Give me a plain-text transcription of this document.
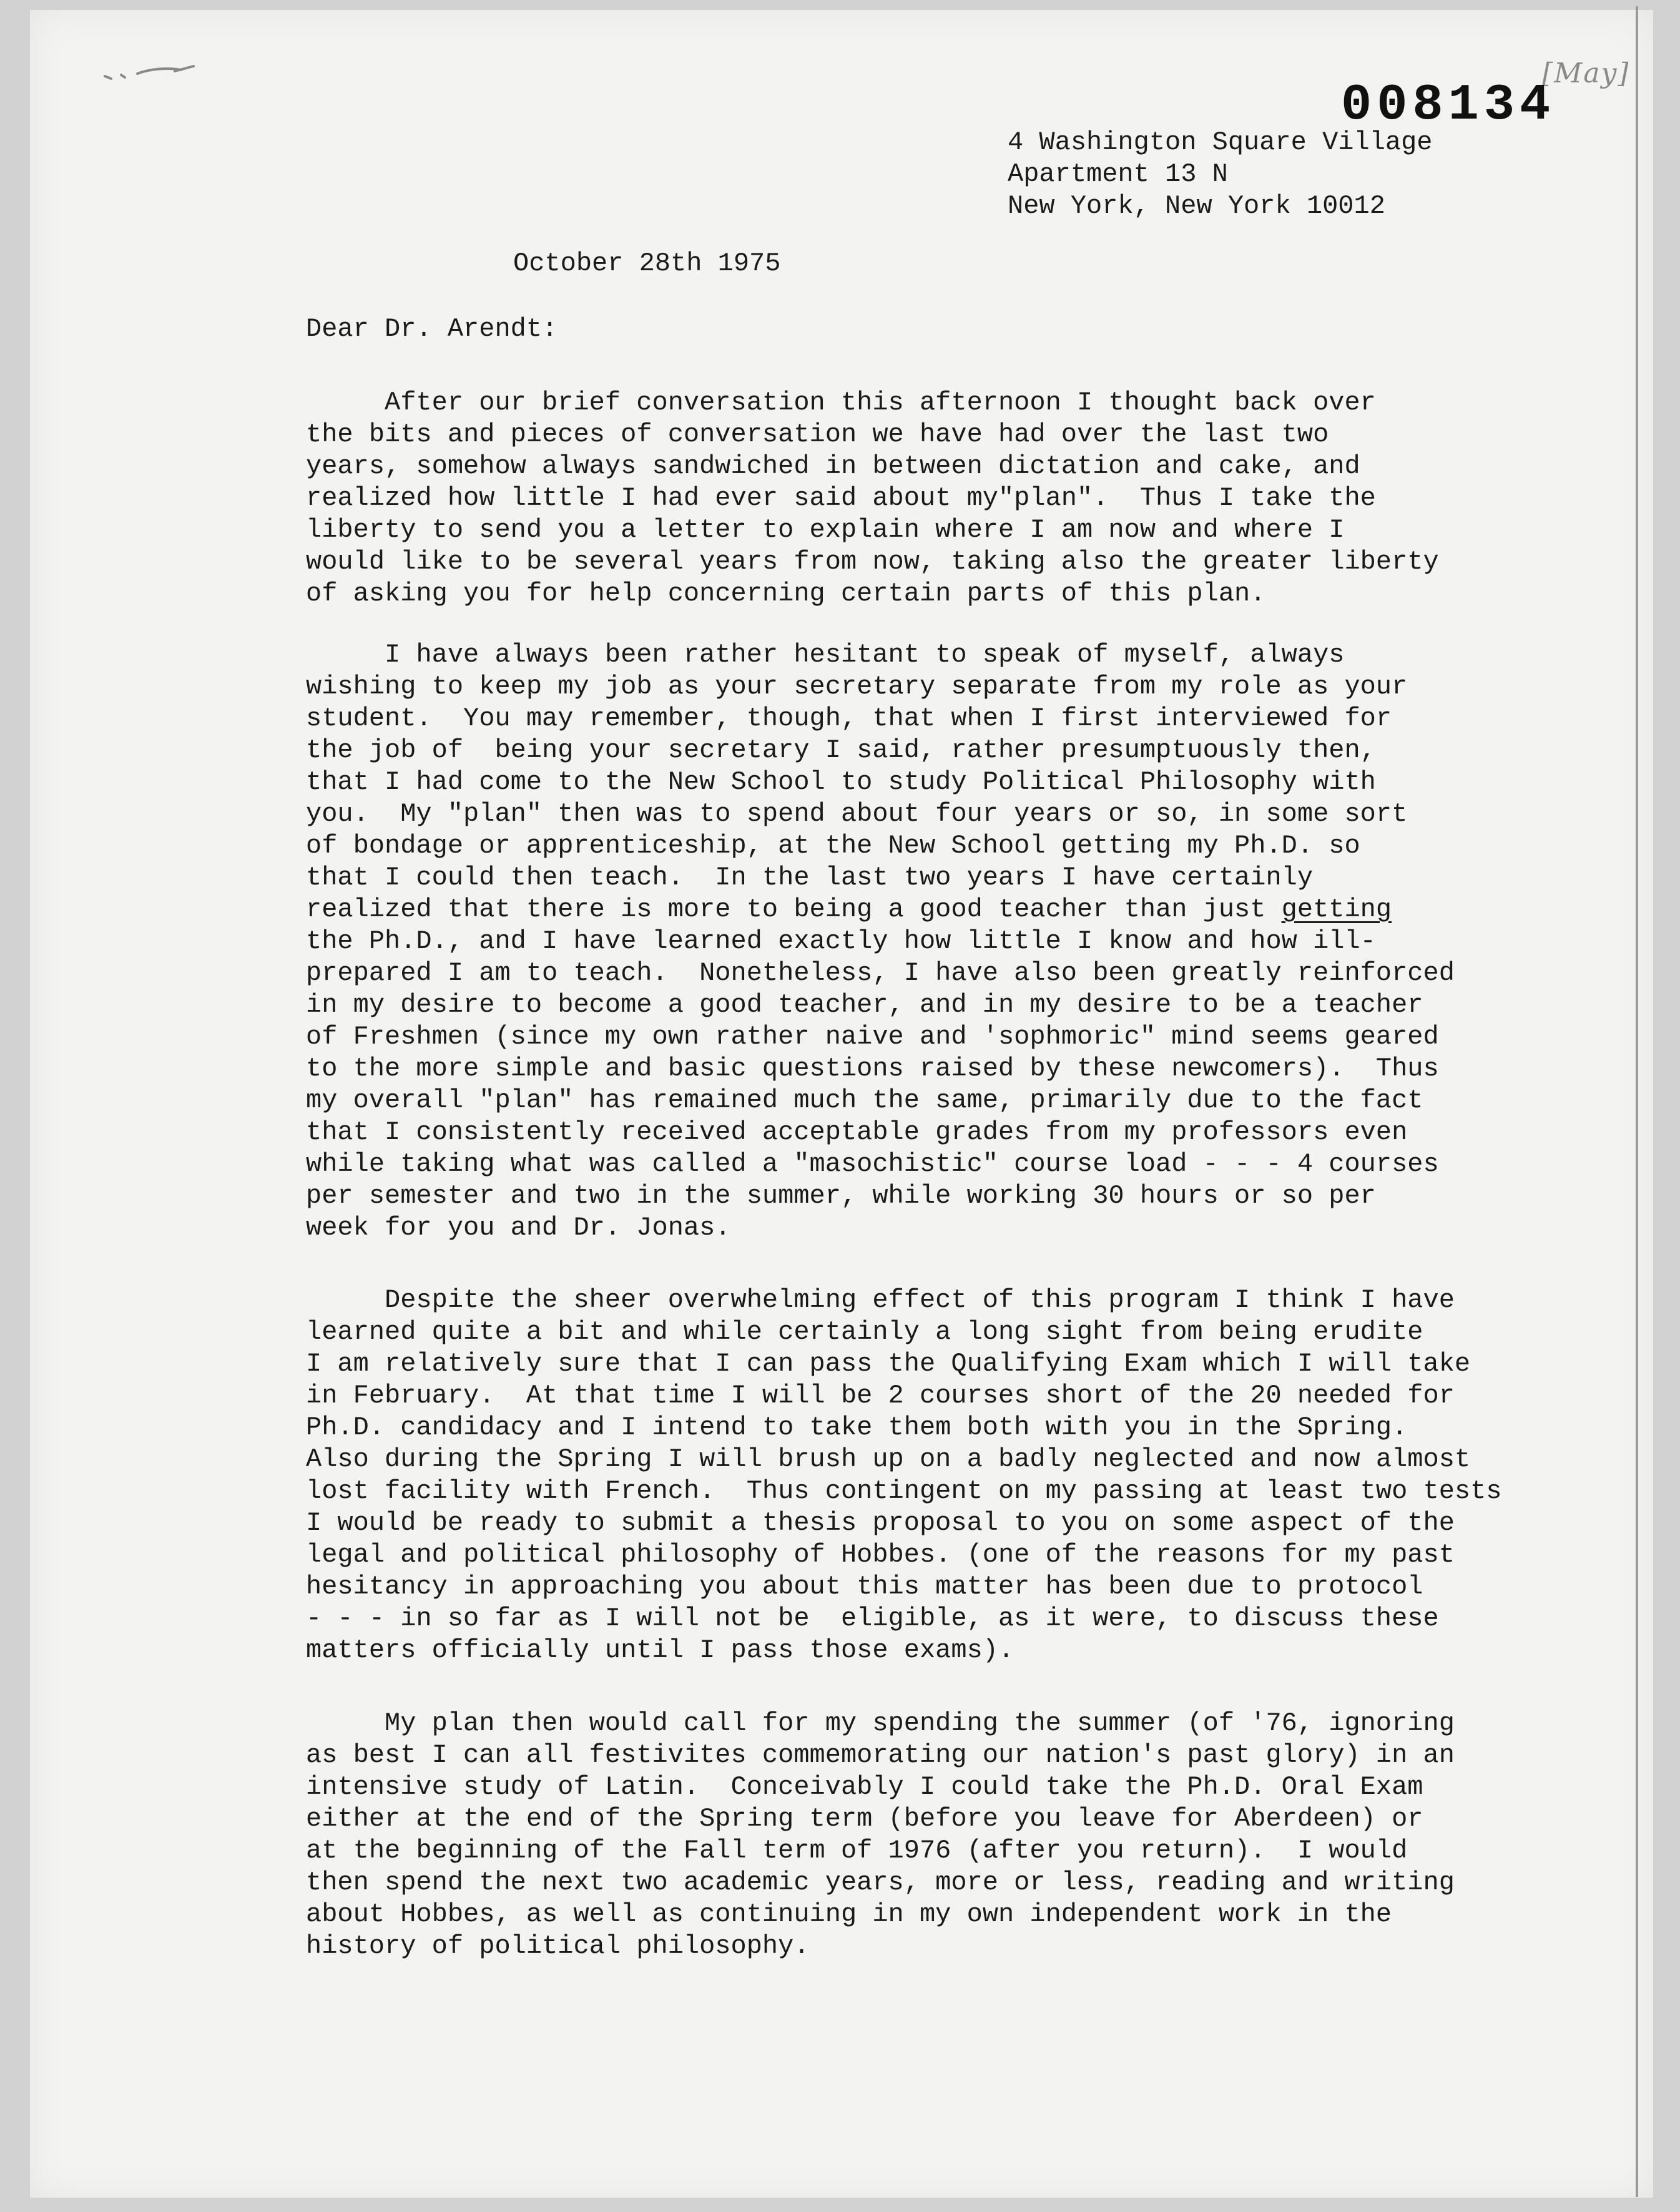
[May]
008134

4 Washington Square Village

Apartment 13 N

New York, New York 10012

October 28th 1975
Dear Dr. Arendt:

After our brief conversation this afternoon I thought back over

the bits and pieces of conversation we have had over the last two

years, somehow always sandwiched in between dictation and cake, and

realized how little I had ever said about my"plan".  Thus I take the

liberty to send you a letter to explain where I am now and where I

would like to be several years from now, taking also the greater liberty

of asking you for help concerning certain parts of this plan.

I have always been rather hesitant to speak of myself, always

wishing to keep my job as your secretary separate from my role as your

student.  You may remember, though, that when I first interviewed for

the job of  being your secretary I said, rather presumptuously then,

that I had come to the New School to study Political Philosophy with

you.  My "plan" then was to spend about four years or so, in some sort

of bondage or apprenticeship, at the New School getting my Ph.D. so

that I could then teach.  In the last two years I have certainly

realized that there is more to being a good teacher than just getting

the Ph.D., and I have learned exactly how little I know and how ill-

prepared I am to teach.  Nonetheless, I have also been greatly reinforced

in my desire to become a good teacher, and in my desire to be a teacher

of Freshmen (since my own rather naive and 'sophmoric" mind seems geared

to the more simple and basic questions raised by these newcomers).  Thus

my overall "plan" has remained much the same, primarily due to the fact

that I consistently received acceptable grades from my professors even

while taking what was called a "masochistic" course load - - - 4 courses

per semester and two in the summer, while working 30 hours or so per

week for you and Dr. Jonas.

Despite the sheer overwhelming effect of this program I think I have

learned quite a bit and while certainly a long sight from being erudite

I am relatively sure that I can pass the Qualifying Exam which I will take

in February.  At that time I will be 2 courses short of the 20 needed for

Ph.D. candidacy and I intend to take them both with you in the Spring.

Also during the Spring I will brush up on a badly neglected and now almost

lost facility with French.  Thus contingent on my passing at least two tests

I would be ready to submit a thesis proposal to you on some aspect of the

legal and political philosophy of Hobbes. (one of the reasons for my past

hesitancy in approaching you about this matter has been due to protocol

- - - in so far as I will not be  eligible, as it were, to discuss these

matters officially until I pass those exams).

My plan then would call for my spending the summer (of '76, ignoring

as best I can all festivites commemorating our nation's past glory) in an

intensive study of Latin.  Conceivably I could take the Ph.D. Oral Exam

either at the end of the Spring term (before you leave for Aberdeen) or

at the beginning of the Fall term of 1976 (after you return).  I would

then spend the next two academic years, more or less, reading and writing

about Hobbes, as well as continuing in my own independent work in the

history of political philosophy.
